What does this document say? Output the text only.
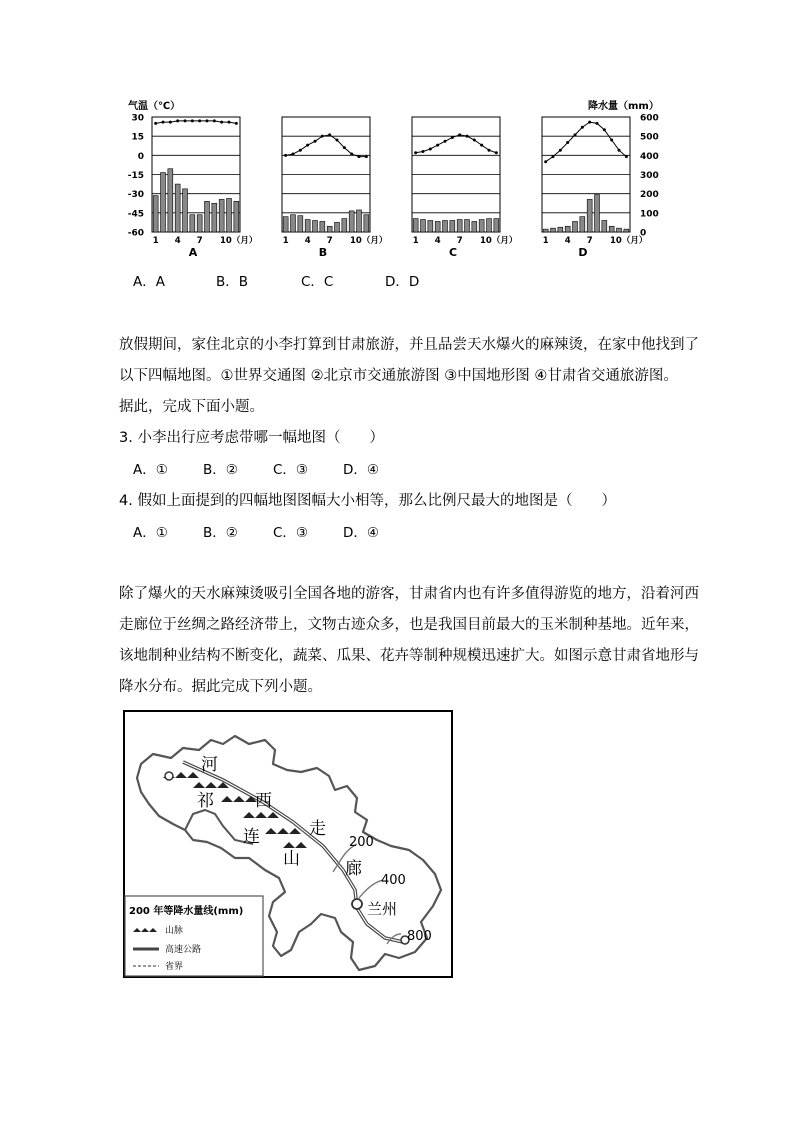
气温（℃）	降水量（mm）
30
15
0
-15
-30
-45
-60
600
500
400
300
200
100
0
1 4 7 10（月）
A
1 4 7 10（月）
B
1 4 7 10（月）
C
1 4 7 10（月）
D
A．A	B．B	C．C	D．D
放假期间，家住北京的小李打算到甘肃旅游，并且品尝天水爆火的麻辣烫，在家中他找到了
以下四幅地图。①世界交通图 ②北京市交通旅游图 ③中国地形图 ④甘肃省交通旅游图。
据此，完成下面小题。
3. 小李出行应考虑带哪一幅地图（　　）
A．①	B．②	C．③	D．④
4. 假如上面提到的四幅地图图幅大小相等，那么比例尺最大的地图是（　　）
A．①	B．②	C．③	D．④
除了爆火的天水麻辣烫吸引全国各地的游客，甘肃省内也有许多值得游览的地方，沿着河西
走廊位于丝绸之路经济带上，文物古迹众多，也是我国目前最大的玉米制种基地。近年来，
该地制种业结构不断变化，蔬菜、瓜果、花卉等制种规模迅速扩大。如图示意甘肃省地形与
降水分布。据此完成下列小题。
河
西
走
廊
祁
连
山
兰州
200
400
800
200 年等降水量线(mm)
山脉
高速公路
省界
